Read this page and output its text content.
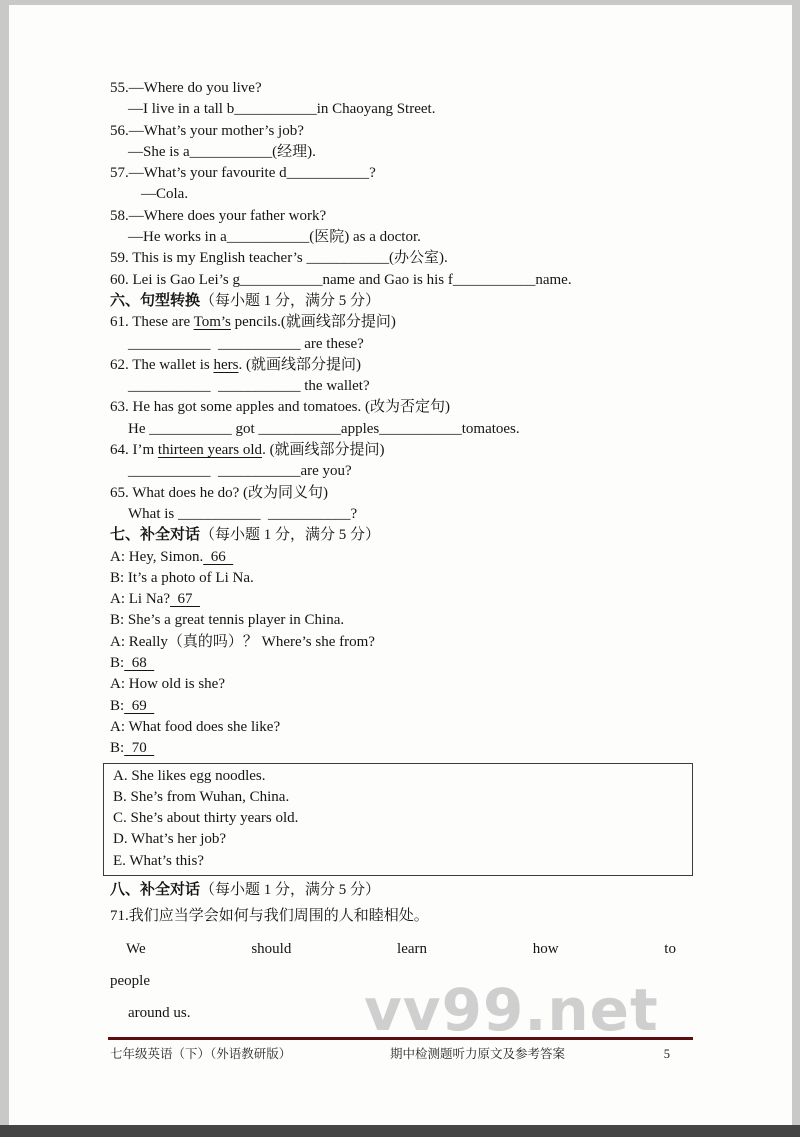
55.—Where do you live?
—I live in a tall b___________in Chaoyang Street.
56.—What’s your mother’s job?
—She is a___________(经理).
57.—What’s your favourite d___________?
—Cola.
58.—Where does your father work?
—He works in a___________(医院) as a doctor.
59. This is my English teacher’s ___________(办公室).
60. Lei is Gao Lei’s g___________name and Gao is his f___________name.
六、句型转换（每小题 1 分，满分 5 分）
61. These are Tom’s pencils.(就画线部分提问)
___________  ___________ are these?
62. The wallet is hers. (就画线部分提问)
___________  ___________ the wallet?
63. He has got some apples and tomatoes. (改为否定句)
He ___________ got ___________apples___________tomatoes.
64. I’m thirteen years old. (就画线部分提问)
___________  ___________are you?
65. What does he do? (改为同义句)
What is ___________  ___________?
七、补全对话（每小题 1 分，满分 5 分）
A: Hey, Simon.  66
B: It’s a photo of Li Na.
A: Li Na?  67
B: She’s a great tennis player in China.
A: Really（真的吗）？ Where’s she from?
B:  68
A: How old is she?
B:  69
A: What food does she like?
B:  70
A. She likes egg noodles.
B. She’s from Wuhan, China.
C. She’s about thirty years old.
D. What’s her job?
E. What’s this?
八、补全对话（每小题 1 分，满分 5 分）
71.我们应当学会如何与我们周围的人和睦相处。
We	should	learn	how	to
people
around us.	vv99.net
七年级英语（下）（外语教研版）	期中检测题听力原文及参考答案	5
